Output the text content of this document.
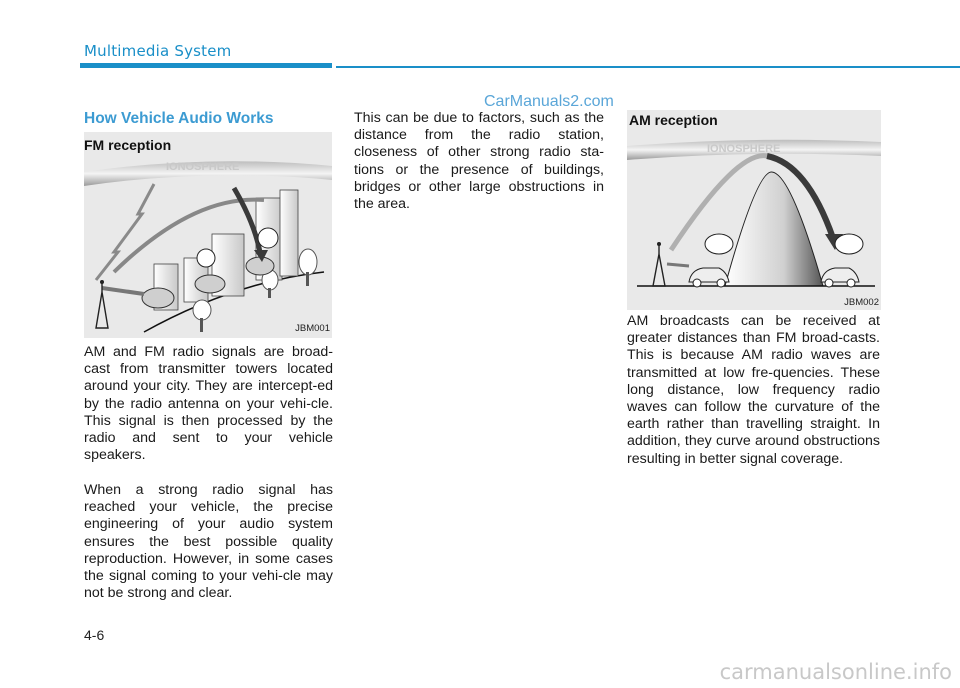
Multimedia System
CarManuals2.com
How Vehicle Audio Works
IONOSPHERE
FM reception
JBM001

AM and FM radio signals are broad-cast from transmitter towers located around your city. They are intercept-ed by the radio antenna on your vehi-cle. This signal is then processed by the radio and sent to your vehicle speakers.

When a strong radio signal has reached your vehicle, the precise engineering of your audio system ensures the best possible quality reproduction. However, in some cases the signal coming to your vehi-cle may not be strong and clear.

This can be due to factors, such as the distance from the radio station, closeness of other strong radio sta-tions or the presence of buildings, bridges or other large obstructions in the area.

IONOSPHERE
AM reception
JBM002

AM broadcasts can be received at greater distances than FM broad-casts. This is because AM radio waves are transmitted at low fre-quencies. These long distance, low frequency radio waves can follow the curvature of the earth rather than travelling straight. In addition, they curve around obstructions resulting in better signal coverage.

4-6
carmanualsonline.info
